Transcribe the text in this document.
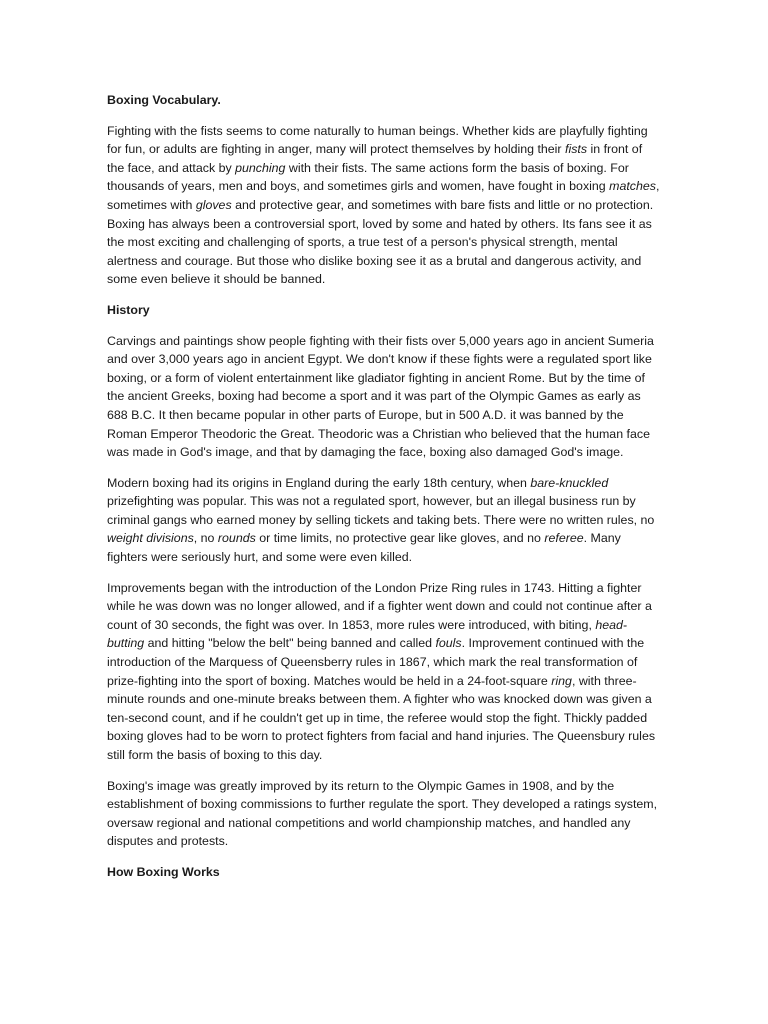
Boxing Vocabulary.

Fighting with the fists seems to come naturally to human beings. Whether kids are playfully fighting for fun, or adults are fighting in anger, many will protect themselves by holding their fists in front of the face, and attack by punching with their fists. The same actions form the basis of boxing. For thousands of years, men and boys, and sometimes girls and women, have fought in boxing matches, sometimes with gloves and protective gear, and sometimes with bare fists and little or no protection. Boxing has always been a controversial sport, loved by some and hated by others. Its fans see it as the most exciting and challenging of sports, a true test of a person's physical strength, mental alertness and courage. But those who dislike boxing see it as a brutal and dangerous activity, and some even believe it should be banned.

History

Carvings and paintings show people fighting with their fists over 5,000 years ago in ancient Sumeria and over 3,000 years ago in ancient Egypt. We don't know if these fights were a regulated sport like boxing, or a form of violent entertainment like gladiator fighting in ancient Rome. But by the time of the ancient Greeks, boxing had become a sport and it was part of the Olympic Games as early as 688 B.C. It then became popular in other parts of Europe, but in 500 A.D. it was banned by the Roman Emperor Theodoric the Great. Theodoric was a Christian who believed that the human face was made in God's image, and that by damaging the face, boxing also damaged God's image.

Modern boxing had its origins in England during the early 18th century, when bare-knuckled prizefighting was popular. This was not a regulated sport, however, but an illegal business run by criminal gangs who earned money by selling tickets and taking bets. There were no written rules, no weight divisions, no rounds or time limits, no protective gear like gloves, and no referee. Many fighters were seriously hurt, and some were even killed.

Improvements began with the introduction of the London Prize Ring rules in 1743. Hitting a fighter while he was down was no longer allowed, and if a fighter went down and could not continue after a count of 30 seconds, the fight was over. In 1853, more rules were introduced, with biting, head-butting and hitting "below the belt" being banned and called fouls. Improvement continued with the introduction of the Marquess of Queensberry rules in 1867, which mark the real transformation of prize-fighting into the sport of boxing. Matches would be held in a 24-foot-square ring, with three-minute rounds and one-minute breaks between them. A fighter who was knocked down was given a ten-second count, and if he couldn't get up in time, the referee would stop the fight. Thickly padded boxing gloves had to be worn to protect fighters from facial and hand injuries. The Queensbury rules still form the basis of boxing to this day.

Boxing's image was greatly improved by its return to the Olympic Games in 1908, and by the establishment of boxing commissions to further regulate the sport. They developed a ratings system, oversaw regional and national competitions and world championship matches, and handled any disputes and protests.

How Boxing Works
